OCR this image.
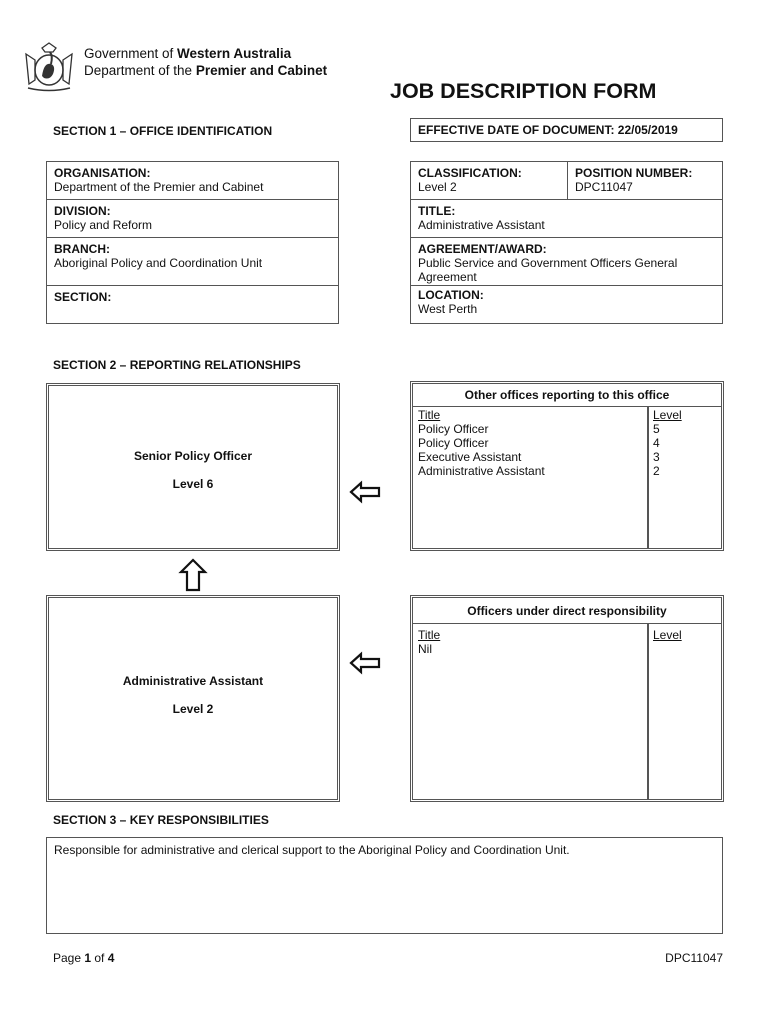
Government of Western Australia
Department of the Premier and Cabinet
JOB DESCRIPTION FORM
SECTION 1 – OFFICE IDENTIFICATION	EFFECTIVE DATE OF DOCUMENT: 22/05/2019
ORGANISATION:
Department of the Premier and Cabinet
DIVISION:
Policy and Reform
BRANCH:
Aboriginal Policy and Coordination Unit
SECTION:
CLASSIFICATION:
Level 2
POSITION NUMBER:
DPC11047
TITLE:
Administrative Assistant
AGREEMENT/AWARD:
Public Service and Government Officers General Agreement
LOCATION:
West Perth
SECTION 2 – REPORTING RELATIONSHIPS
Senior Policy Officer
Level 6
Other offices reporting to this office
Title
Policy Officer
Policy Officer
Executive Assistant
Administrative Assistant
Level
5
4
3
2
Administrative Assistant
Level 2
Officers under direct responsibility
Title
Nil
Level
SECTION 3 – KEY RESPONSIBILITIES
Responsible for administrative and clerical support to the Aboriginal Policy and Coordination Unit.
Page 1 of 4	DPC11047
